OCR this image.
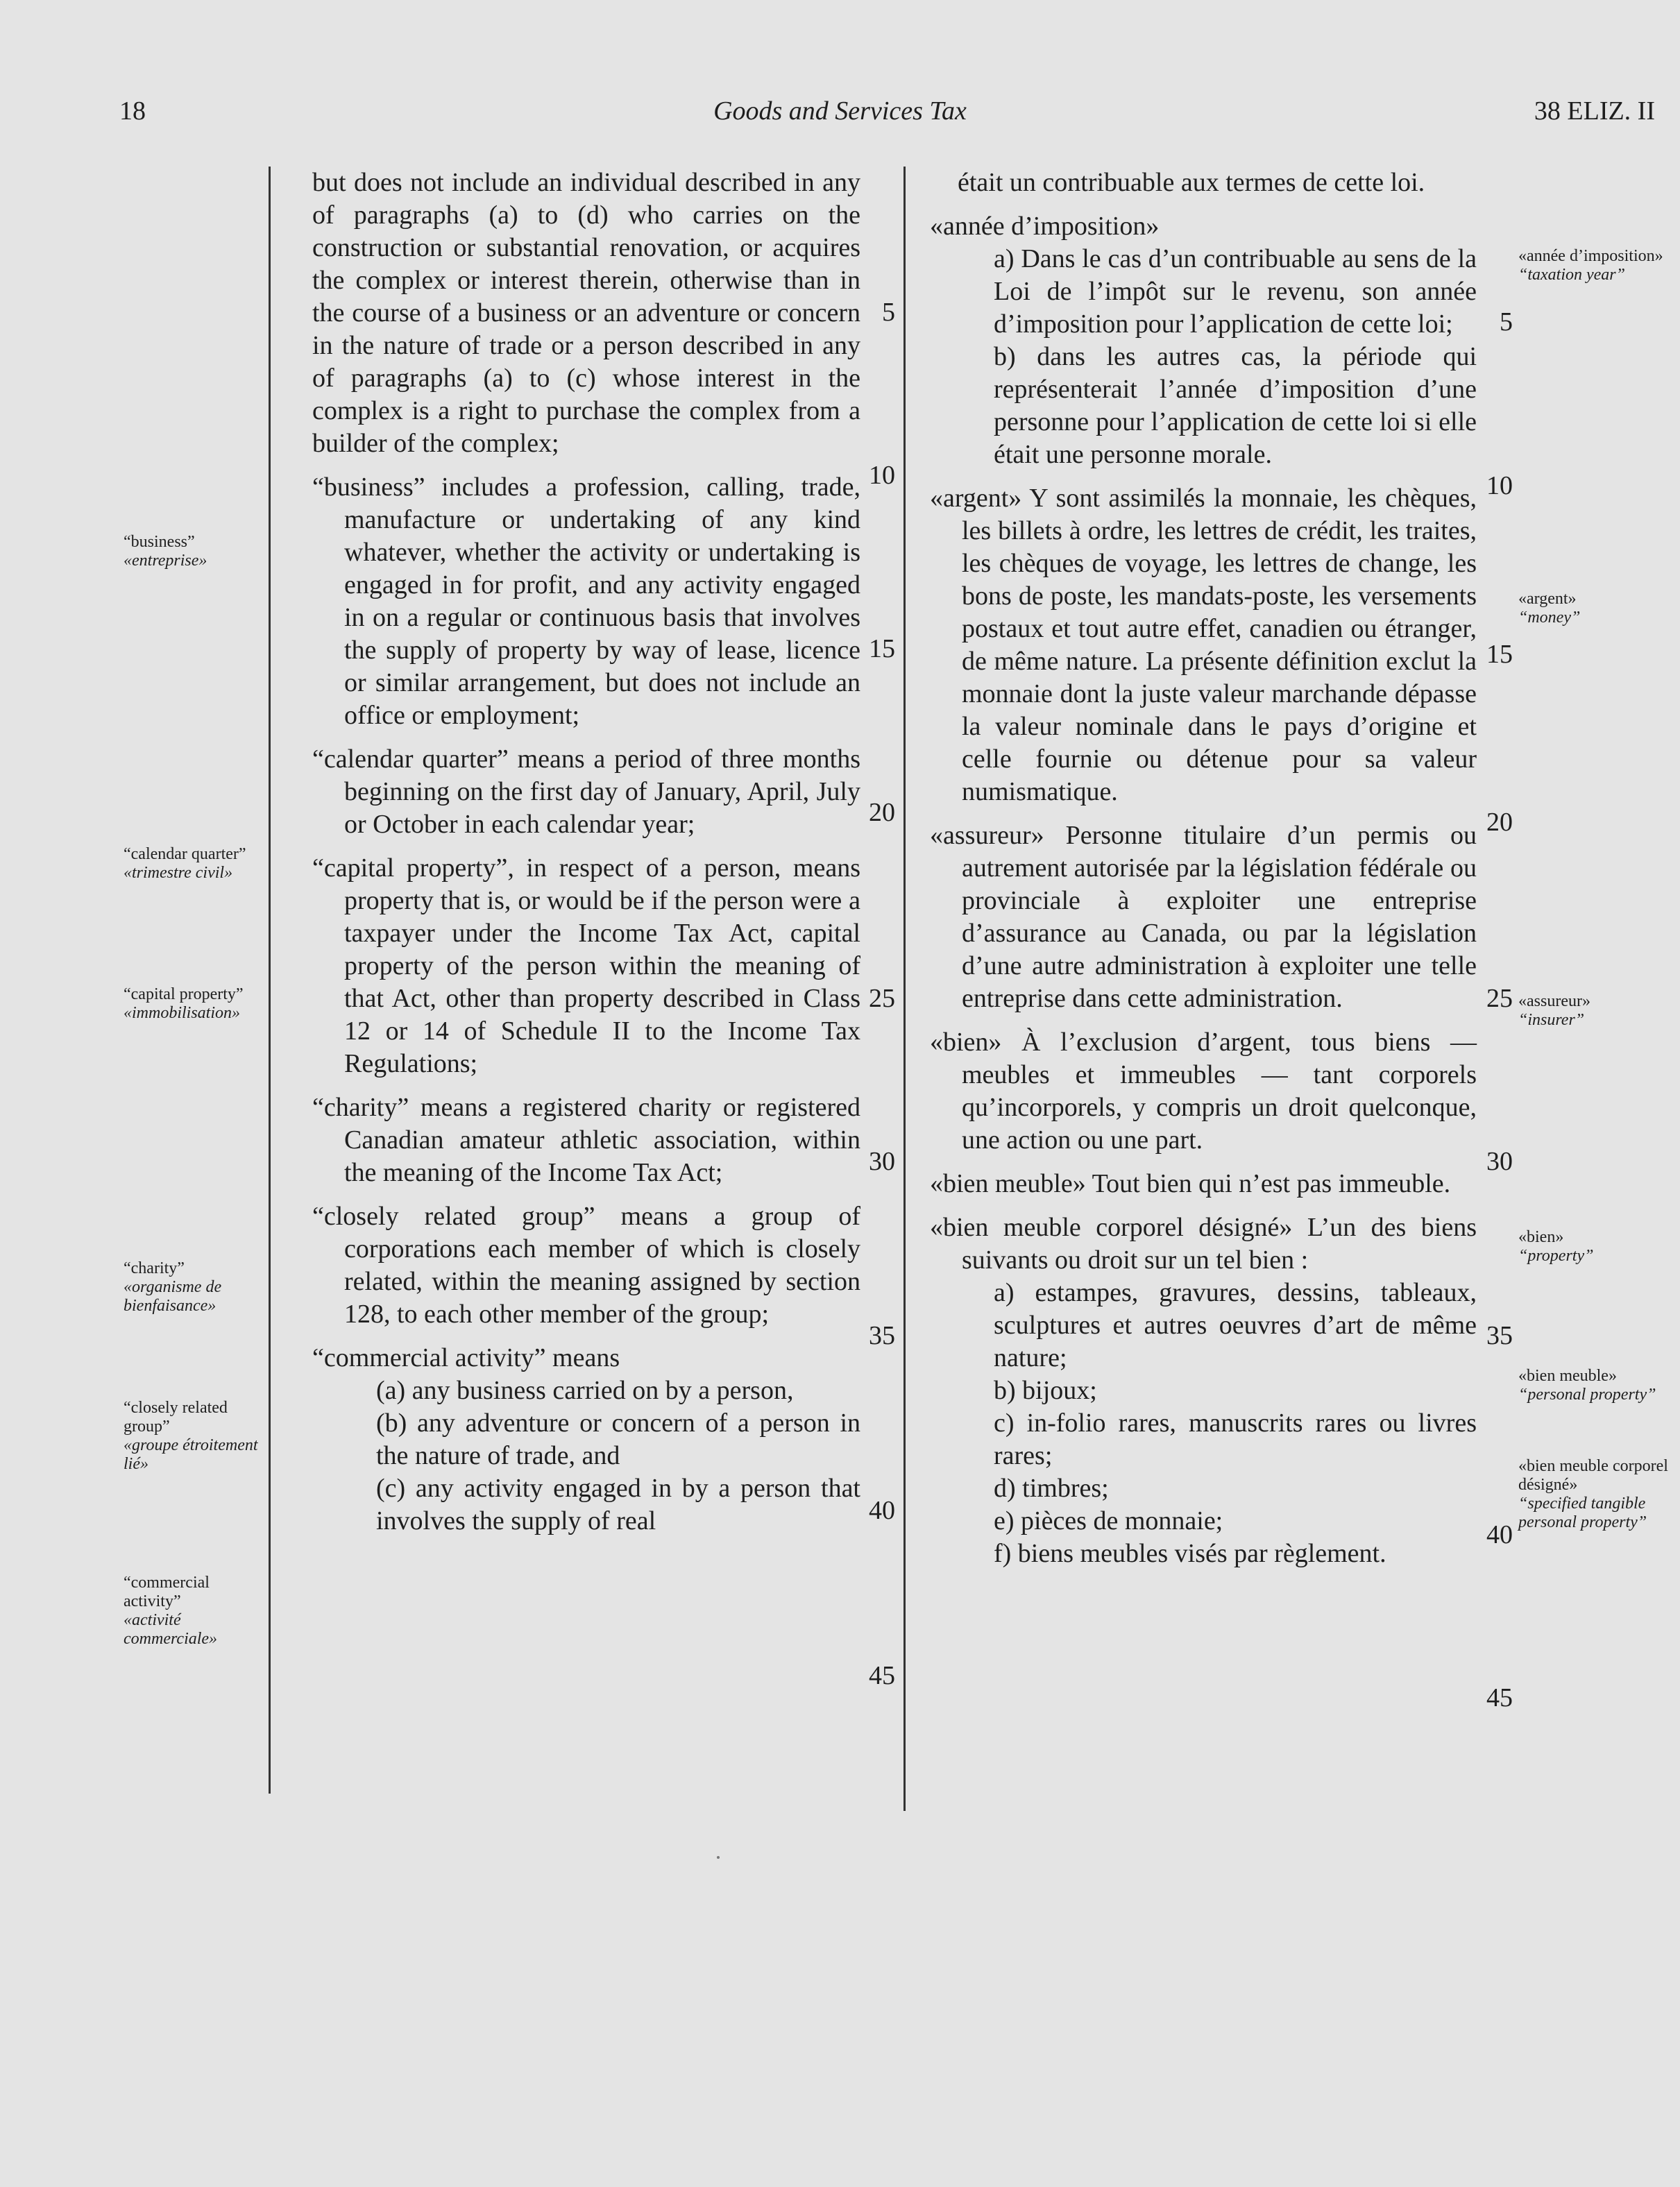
18	Goods and Services Tax	38 ELIZ. II

but does not include an individual described in any of paragraphs (a) to (d) who carries on the construction or substantial renovation, or acquires the complex or interest therein, otherwise than in the course of a business or an adventure or concern in the nature of trade or a person described in any of paragraphs (a) to (c) whose interest in the complex is a right to purchase the complex from a builder of the complex;

“business” includes a profession, calling, trade, manufacture or undertaking of any kind whatever, whether the activity or undertaking is engaged in for profit, and any activity engaged in on a regular or continuous basis that involves the supply of property by way of lease, licence or similar arrangement, but does not include an office or employment;

“calendar quarter” means a period of three months beginning on the first day of January, April, July or October in each calendar year;

“capital property”, in respect of a person, means property that is, or would be if the person were a taxpayer under the Income Tax Act, capital property of the person within the meaning of that Act, other than property described in Class 12 or 14 of Schedule II to the Income Tax Regulations;

“charity” means a registered charity or registered Canadian amateur athletic association, within the meaning of the Income Tax Act;

“closely related group” means a group of corporations each member of which is closely related, within the meaning assigned by section 128, to each other member of the group;

“commercial activity” means
(a) any business carried on by a person,
(b) any adventure or concern of a person in the nature of trade, and
(c) any activity engaged in by a person that involves the supply of real

était un contribuable aux termes de cette loi.

«année d’imposition»
a) Dans le cas d’un contribuable au sens de la Loi de l’impôt sur le revenu, son année d’imposition pour l’application de cette loi;
b) dans les autres cas, la période qui représenterait l’année d’imposition d’une personne pour l’application de cette loi si elle était une personne morale.

«argent» Y sont assimilés la monnaie, les chèques, les billets à ordre, les lettres de crédit, les traites, les chèques de voyage, les lettres de change, les bons de poste, les mandats-poste, les versements postaux et tout autre effet, canadien ou étranger, de même nature. La présente définition exclut la monnaie dont la juste valeur marchande dépasse la valeur nominale dans le pays d’origine et celle fournie ou détenue pour sa valeur numismatique.

«assureur» Personne titulaire d’un permis ou autrement autorisée par la législation fédérale ou provinciale à exploiter une entreprise d’assurance au Canada, ou par la législation d’une autre administration à exploiter une telle entreprise dans cette administration.

«bien» À l’exclusion d’argent, tous biens — meubles et immeubles — tant corporels qu’incorporels, y compris un droit quelconque, une action ou une part.

«bien meuble» Tout bien qui n’est pas immeuble.

«bien meuble corporel désigné» L’un des biens suivants ou droit sur un tel bien :
a) estampes, gravures, dessins, tableaux, sculptures et autres oeuvres d’art de même nature;
b) bijoux;
c) in-folio rares, manuscrits rares ou livres rares;
d) timbres;
e) pièces de monnaie;
f) biens meubles visés par règlement.

“business”
«entreprise»
“calendar quarter”
«trimestre civil»
“capital property”
«immobilisation»
“charity”
«organisme de bienfaisance»
“closely related group”
«groupe étroitement lié»
“commercial activity”
«activité commerciale»
«année d’imposition»
“taxation year”
«argent»
“money”
«assureur»
“insurer”
«bien»
“property”
«bien meuble»
“personal property”
«bien meuble corporel désigné»
“specified tangible personal property”
5
10
15
20
25
30
35
40
45
5
10
15
20
25
30
35
40
45
